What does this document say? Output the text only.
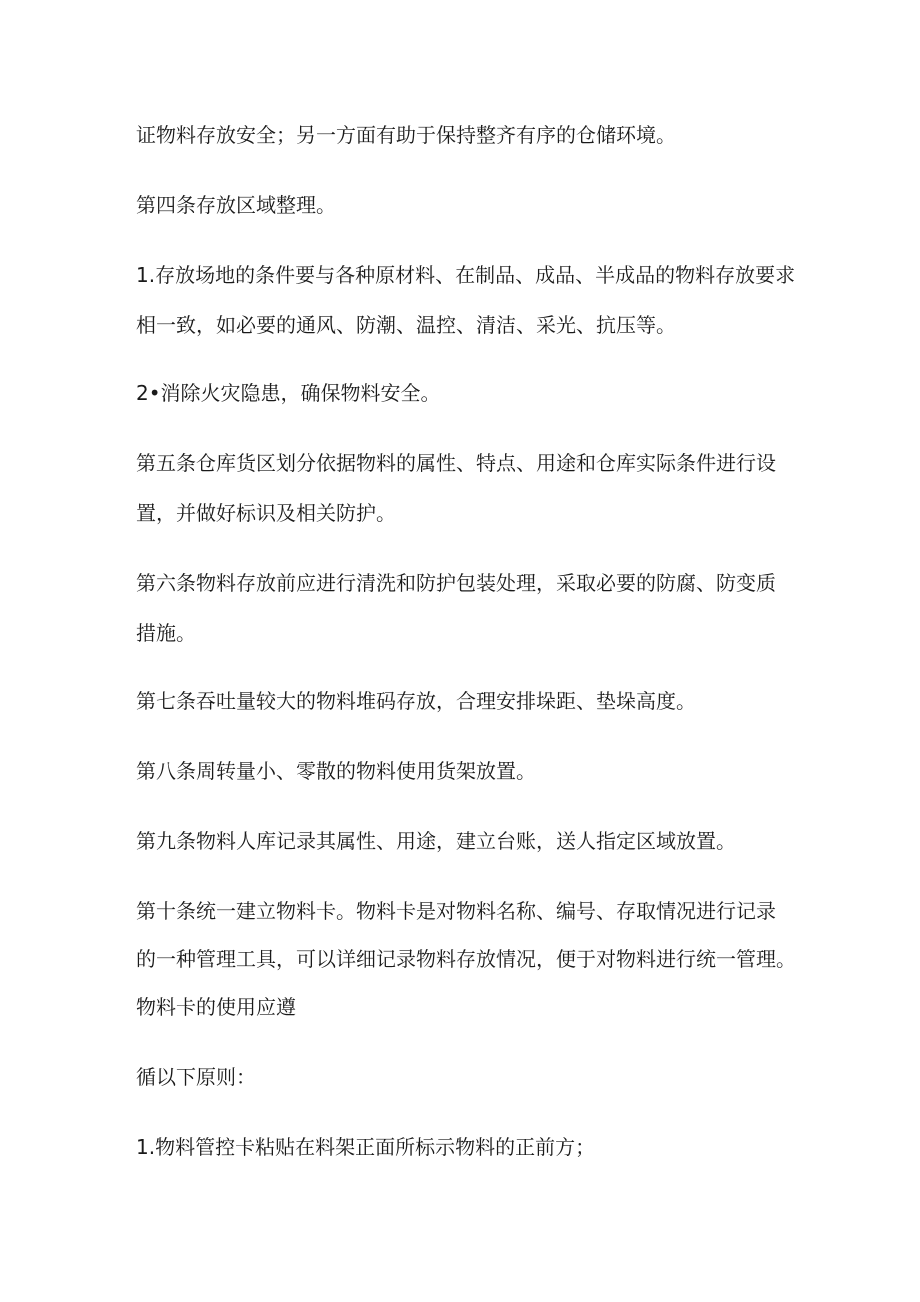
证物料存放安全；另一方面有助于保持整齐有序的仓储环境。
第四条存放区域整理。
1.存放场地的条件要与各种原材料、在制品、成品、半成品的物料存放要求
相一致，如必要的通风、防潮、温控、清洁、采光、抗压等。
2•消除火灾隐患，确保物料安全。
第五条仓库货区划分依据物料的属性、特点、用途和仓库实际条件进行设
置，并做好标识及相关防护。
第六条物料存放前应进行清洗和防护包装处理，采取必要的防腐、防变质
措施。
第七条吞吐量较大的物料堆码存放，合理安排垛距、垫垛高度。
第八条周转量小、零散的物料使用货架放置。
第九条物料人库记录其属性、用途，建立台账，送人指定区域放置。
第十条统一建立物料卡。物料卡是对物料名称、编号、存取情况进行记录
的一种管理工具，可以详细记录物料存放情况，便于对物料进行统一管理。
物料卡的使用应遵
循以下原则：
1.物料管控卡粘贴在料架正面所标示物料的正前方；
